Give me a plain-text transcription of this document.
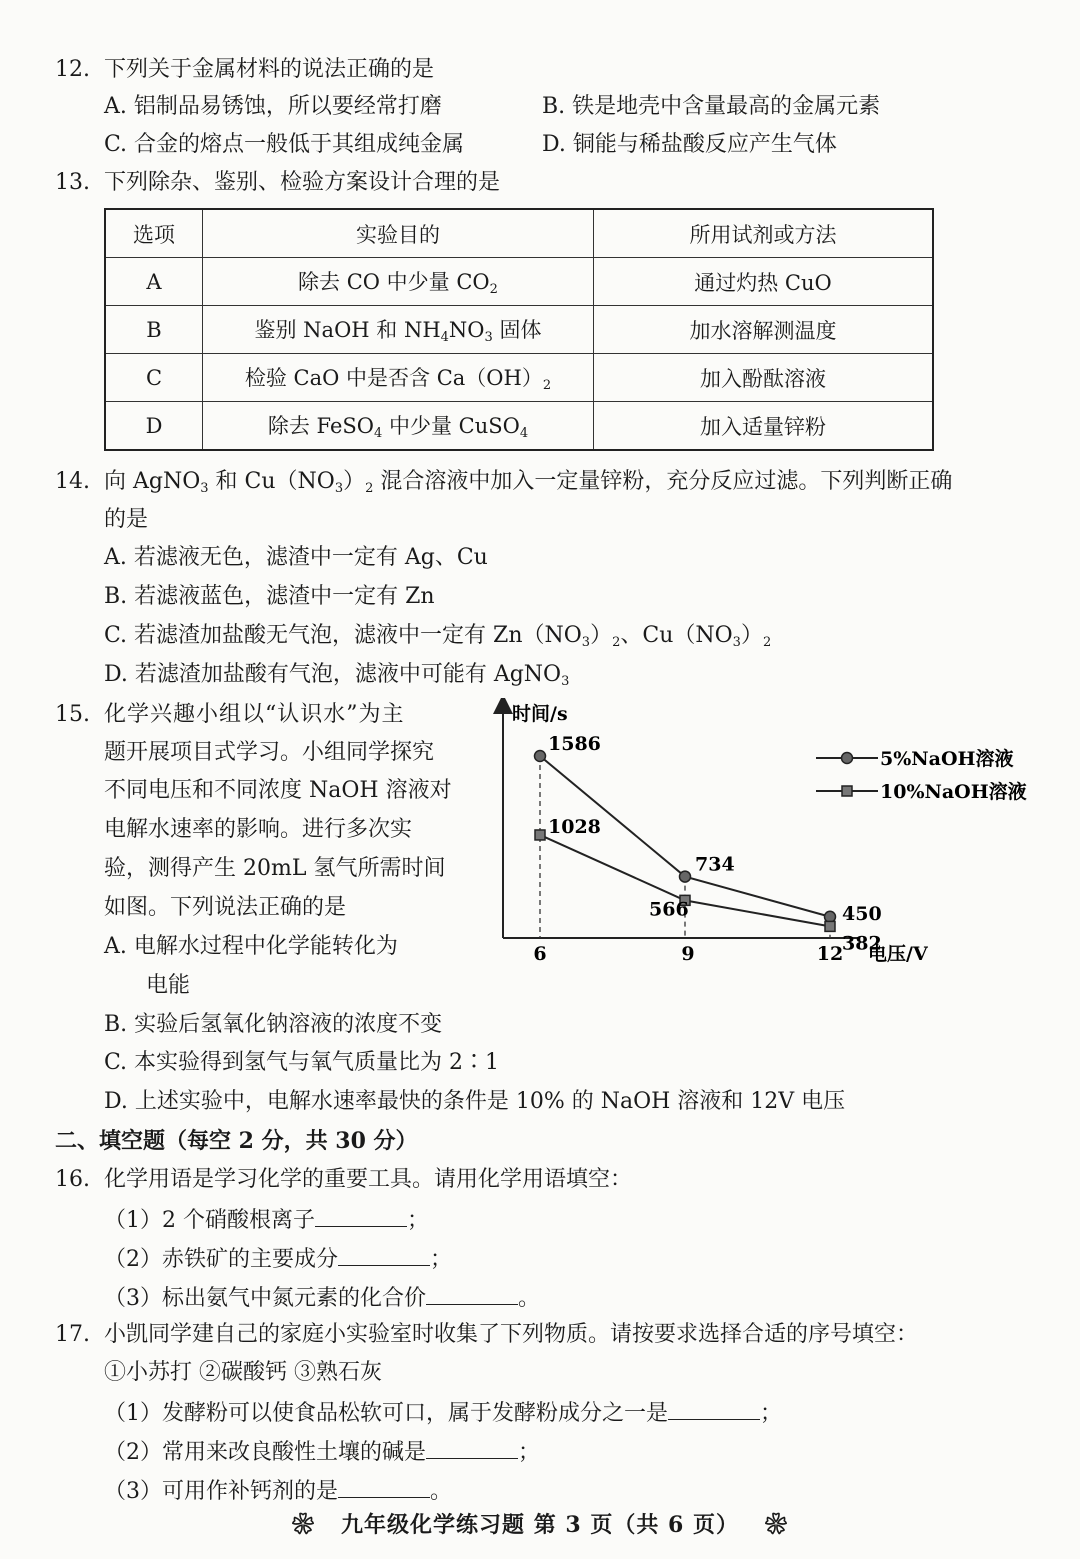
12. 下列关于金属材料的说法正确的是
A. 铝制品易锈蚀，所以要经常打磨	B. 铁是地壳中含量最高的金属元素
C. 合金的熔点一般低于其组成纯金属	D. 铜能与稀盐酸反应产生气体
13. 下列除杂、鉴别、检验方案设计合理的是
选项	实验目的	所用试剂或方法
A	除去 CO 中少量 $CO_2$	通过灼热 CuO
B	鉴别 NaOH 和 $NH_4NO_3$ 固体	加水溶解测温度
C	检验 CaO 中是否含 $Ca(OH)_2$	加入酚酞溶液
D	除去 FeSO$_4$ 中少量 CuSO$_4$	加入适量锌粉
14. 向 AgNO$_3$ 和 $Cu(NO_3)_2$ 混合溶液中加入一定量锌粉，充分反应过滤。下列判断正确
的是
A. 若滤液无色，滤渣中一定有 Ag、Cu
B. 若滤液蓝色，滤渣中一定有 Zn
C. 若滤渣加盐酸无气泡，滤液中一定有 $Zn(NO_3)_2$、$Cu(NO_3)_2$
D. 若滤渣加盐酸有气泡，滤液中可能有 AgNO$_3$
15. 化学兴趣小组以“认识水”为主
题开展项目式学习。小组同学探究
不同电压和不同浓度 NaOH 溶液对
电解水速率的影响。进行多次实
验，测得产生 20mL 氢气所需时间
如图。下列说法正确的是
A. 电解水过程中化学能转化为
电能
B. 实验后氢氧化钠溶液的浓度不变
C. 本实验得到氢气与氧气质量比为 2∶1
D. 上述实验中，电解水速率最快的条件是 10% 的 NaOH 溶液和 12V 电压
时间/s
电压/V
6	9	12
1586
734
450
1028
566
382
5%NaOH溶液
10%NaOH溶液
二、填空题（每空 2 分，共 30 分）
16. 化学用语是学习化学的重要工具。请用化学用语填空：
（1）2 个硝酸根离子	；
（2）赤铁矿的主要成分	；
（3）标出氨气中氮元素的化合价	。
17. 小凯同学建自己的家庭小实验室时收集了下列物质。请按要求选择合适的序号填空：
①小苏打 ②碳酸钙 ③熟石灰
（1）发酵粉可以使食品松软可口，属于发酵粉成分之一是	；
（2）常用来改良酸性土壤的碱是	；
（3）可用作补钙剂的是	。
❀ 九年级化学练习题 第 3 页（共 6 页） ❀
